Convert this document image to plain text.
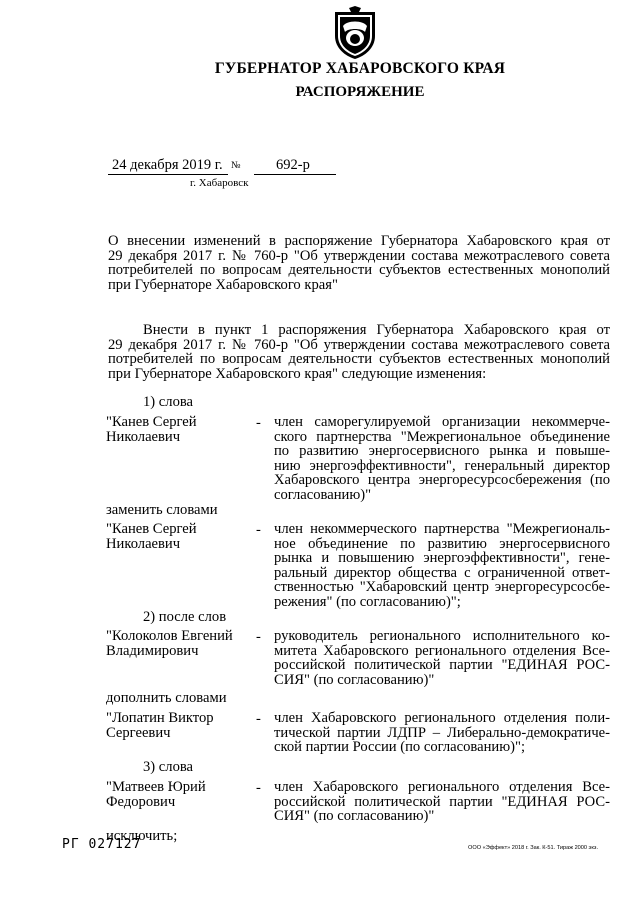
ГУБЕРНАТОР ХАБАРОВСКОГО КРАЯ
РАСПОРЯЖЕНИЕ
24 декабря 2019 г. № 692-р
г. Хабаровск
О внесении изменений в распоряжение Губернатора Хабаровского края от
29 декабря 2017 г. № 760-р "Об утверждении состава межотраслевого совета
потребителей по вопросам деятельности субъектов естественных монополий
при Губернаторе Хабаровского края"
Внести в пункт 1 распоряжения Губернатора Хабаровского края от
29 декабря 2017 г. № 760-р "Об утверждении состава межотраслевого совета
потребителей по вопросам деятельности субъектов естественных монополий
при Губернаторе Хабаровского края" следующие изменения:
1) слова
"Канев Сергей
Николаевич
- член саморегулируемой организации некоммерче-
ского партнерства "Межрегиональное объединение
по развитию энергосервисного рынка и повыше-
нию энергоэффективности", генеральный директор
Хабаровского центра энергоресурсосбережения (по
согласованию)"
заменить словами
"Канев Сергей
Николаевич
- член некоммерческого партнерства "Межрегиональ-
ное объединение по развитию энергосервисного
рынка и повышению энергоэффективности", гене-
ральный директор общества с ограниченной ответ-
ственностью "Хабаровский центр энергоресурсосбе-
режения" (по согласованию)";
2) после слов
"Колоколов Евгений
Владимирович
- руководитель регионального исполнительного ко-
митета Хабаровского регионального отделения Все-
российской политической партии "ЕДИНАЯ РОС-
СИЯ" (по согласованию)"
дополнить словами
"Лопатин Виктор
Сергеевич
- член Хабаровского регионального отделения поли-
тической партии ЛДПР – Либерально-демократиче-
ской партии России (по согласованию)";
3) слова
"Матвеев Юрий
Федорович
- член Хабаровского регионального отделения Все-
российской политической партии "ЕДИНАЯ РОС-
СИЯ" (по согласованию)"
исключить;
РГ 027127	ООО «Эффект» 2018 г. Зак. К-51. Тираж 2000 экз.
